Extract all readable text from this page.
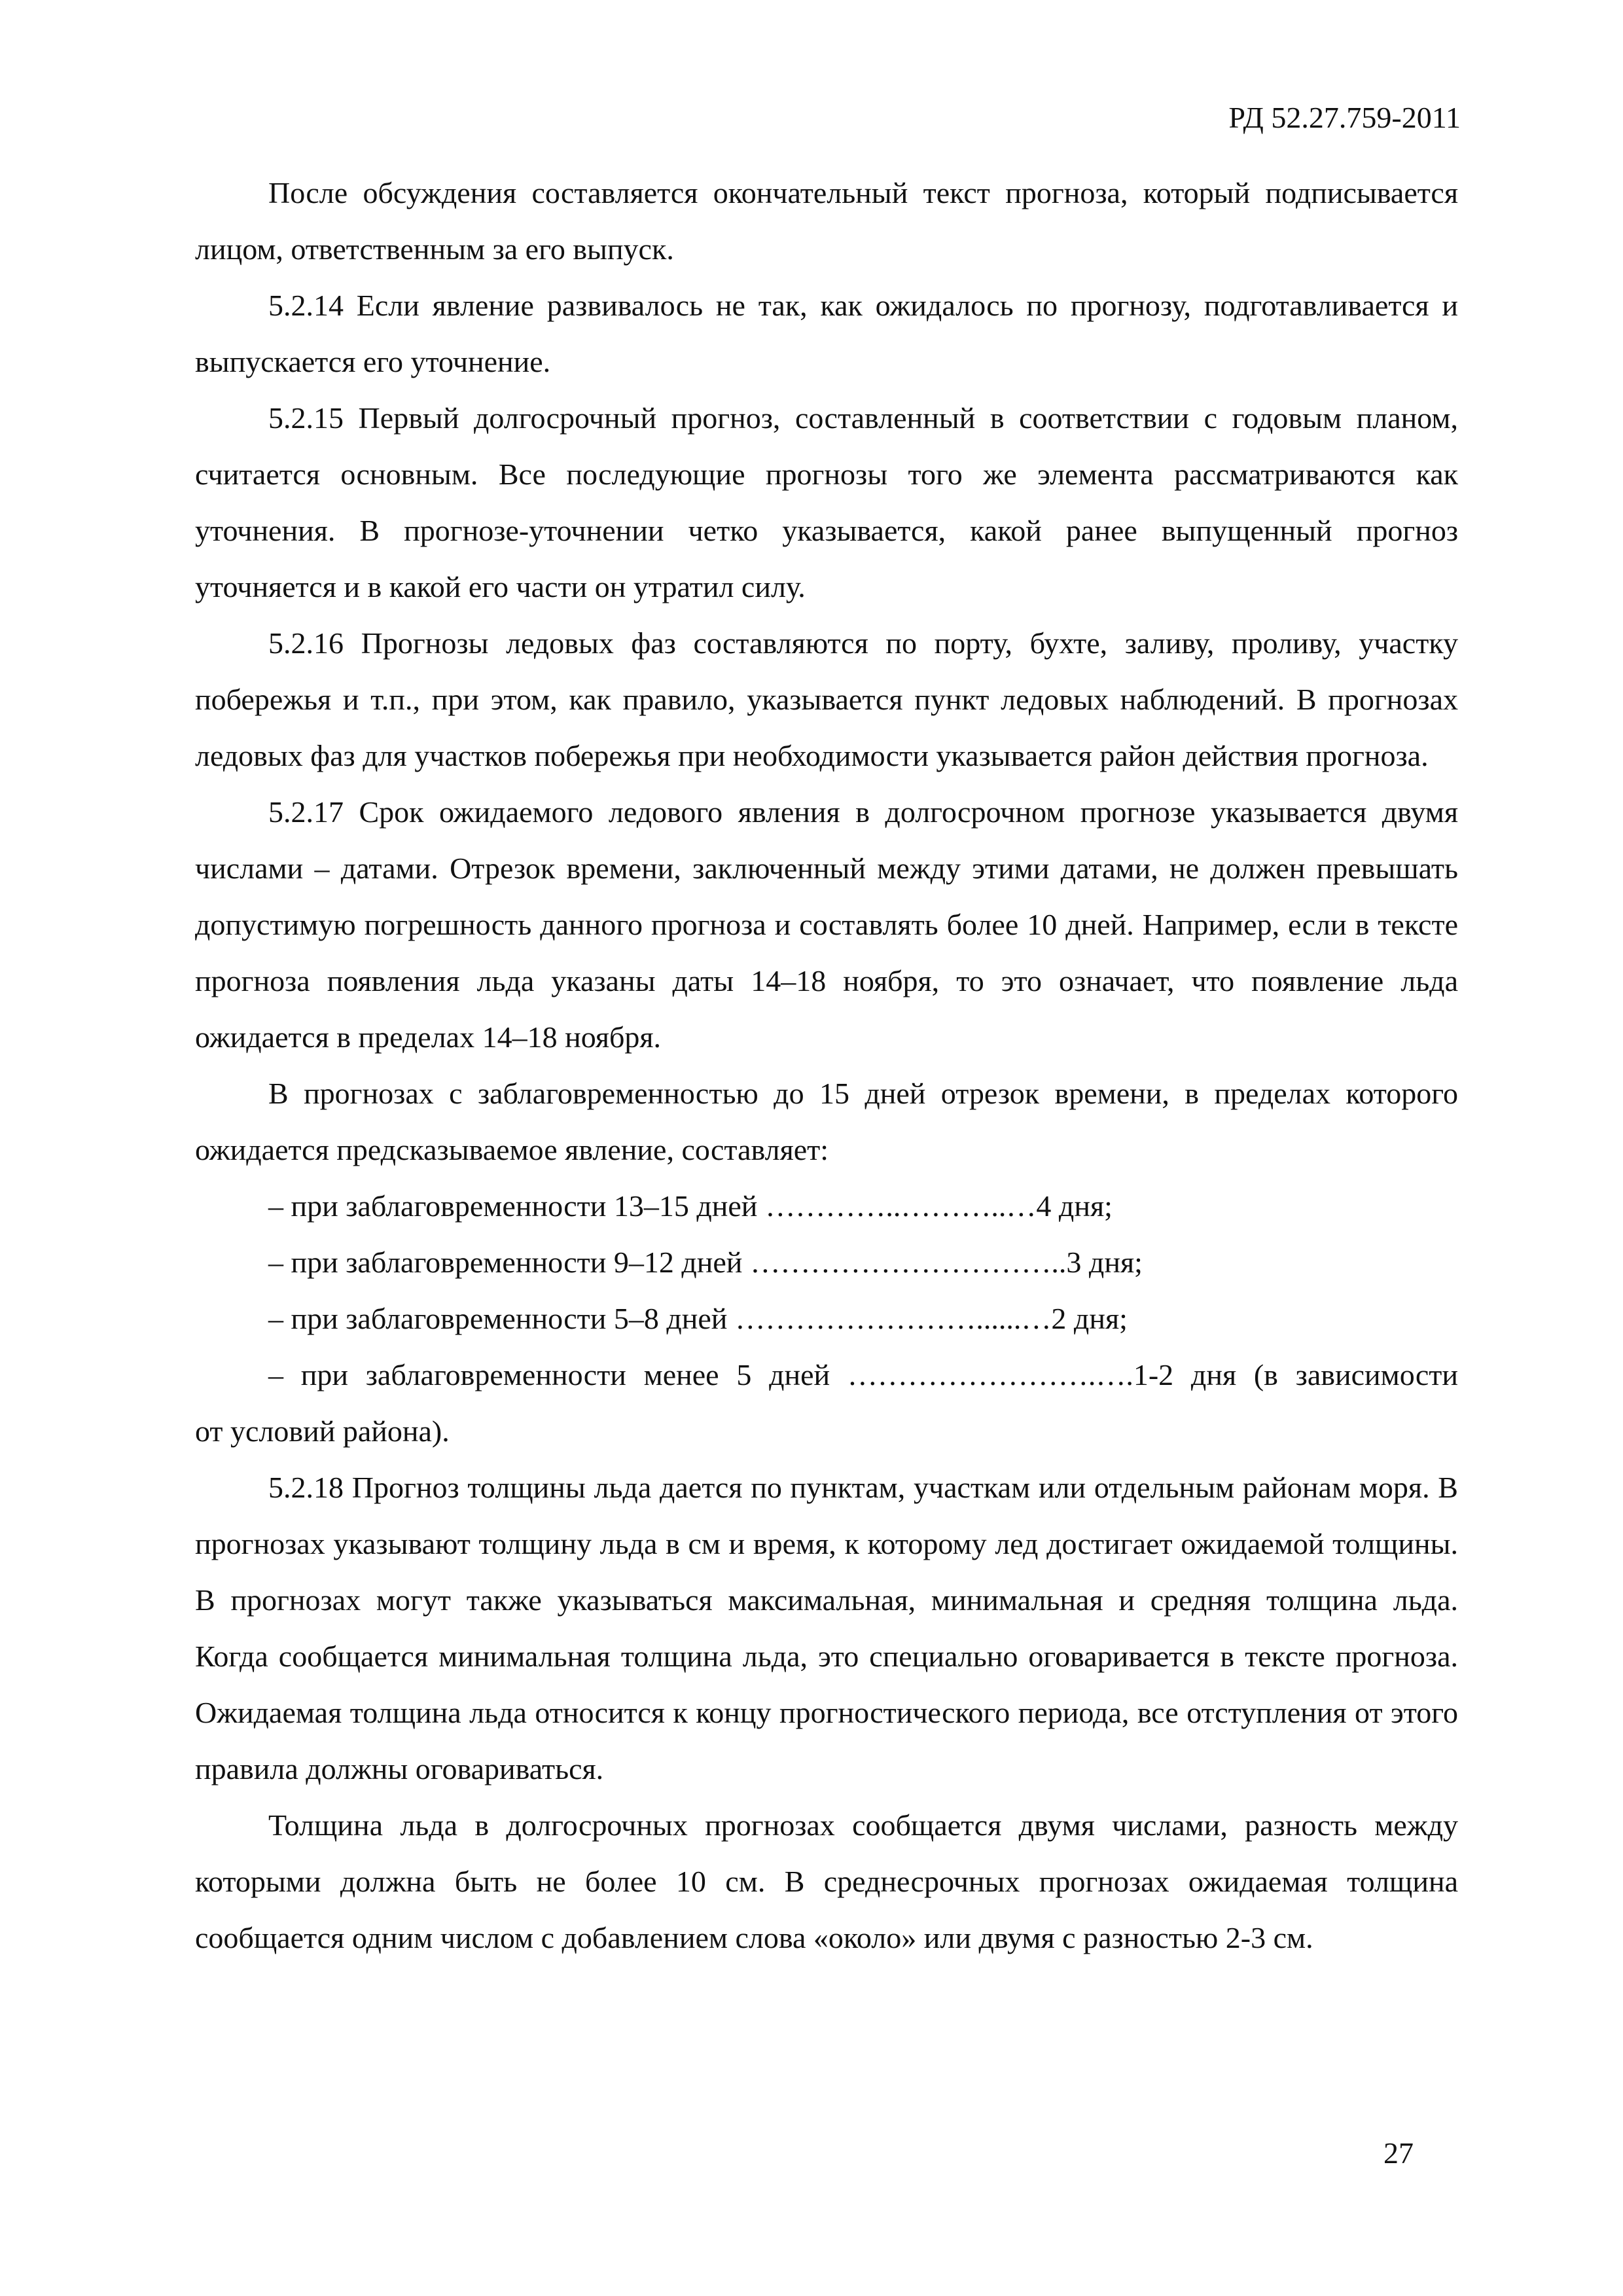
РД 52.27.759-2011

После обсуждения составляется окончательный текст прогноза, который подписывается лицом, ответственным за его выпуск.

5.2.14 Если явление развивалось не так, как ожидалось по прогнозу, подготавливается и выпускается его уточнение.

5.2.15 Первый долгосрочный прогноз, составленный в соответствии с годовым планом, считается основным. Все последующие прогнозы того же элемента рассматриваются как уточнения. В прогнозе-уточнении четко указывается, какой ранее выпущенный прогноз уточняется и в какой его части он утратил силу.

5.2.16 Прогнозы ледовых фаз составляются по порту, бухте, заливу, проливу, участку побережья и т.п., при этом, как правило, указывается пункт ледовых наблюдений. В прогнозах ледовых фаз для участков побережья при необходимости указывается район действия прогноза.

5.2.17 Срок ожидаемого ледового явления в долгосрочном прогнозе указывается двумя числами – датами. Отрезок времени, заключенный между этими датами, не должен превышать допустимую погрешность данного прогноза и составлять более 10 дней. Например, если в тексте прогноза появления льда указаны даты 14–18 ноября, то это означает, что появление льда ожидается в пределах 14–18 ноября.

В прогнозах с заблаговременностью до 15 дней отрезок времени, в пределах которого ожидается предсказываемое явление, составляет:

– при заблаговременности 13–15 дней …………..………..… 4 дня;
– при заблаговременности 9–12 дней ………………………….. 3 дня;
– при заблаговременности 5–8 дней ……………………......… 2 дня;
– при заблаговременности менее 5 дней …………………….….1-2 дня (в зависимости
от условий района).

5.2.18 Прогноз толщины льда дается по пунктам, участкам или отдельным районам моря. В прогнозах указывают толщину льда в см и время, к которому лед достигает ожидаемой толщины. В прогнозах могут также указываться максимальная, минимальная и средняя толщина льда. Когда сообщается минимальная толщина льда, это специально оговаривается в тексте прогноза. Ожидаемая толщина льда относится к концу прогностического периода, все отступления от этого правила должны оговариваться.

Толщина льда в долгосрочных прогнозах сообщается двумя числами, разность между которыми должна быть не более 10 см. В среднесрочных прогнозах ожидаемая толщина сообщается одним числом с добавлением слова «около» или двумя с разностью 2-3 см.

27
